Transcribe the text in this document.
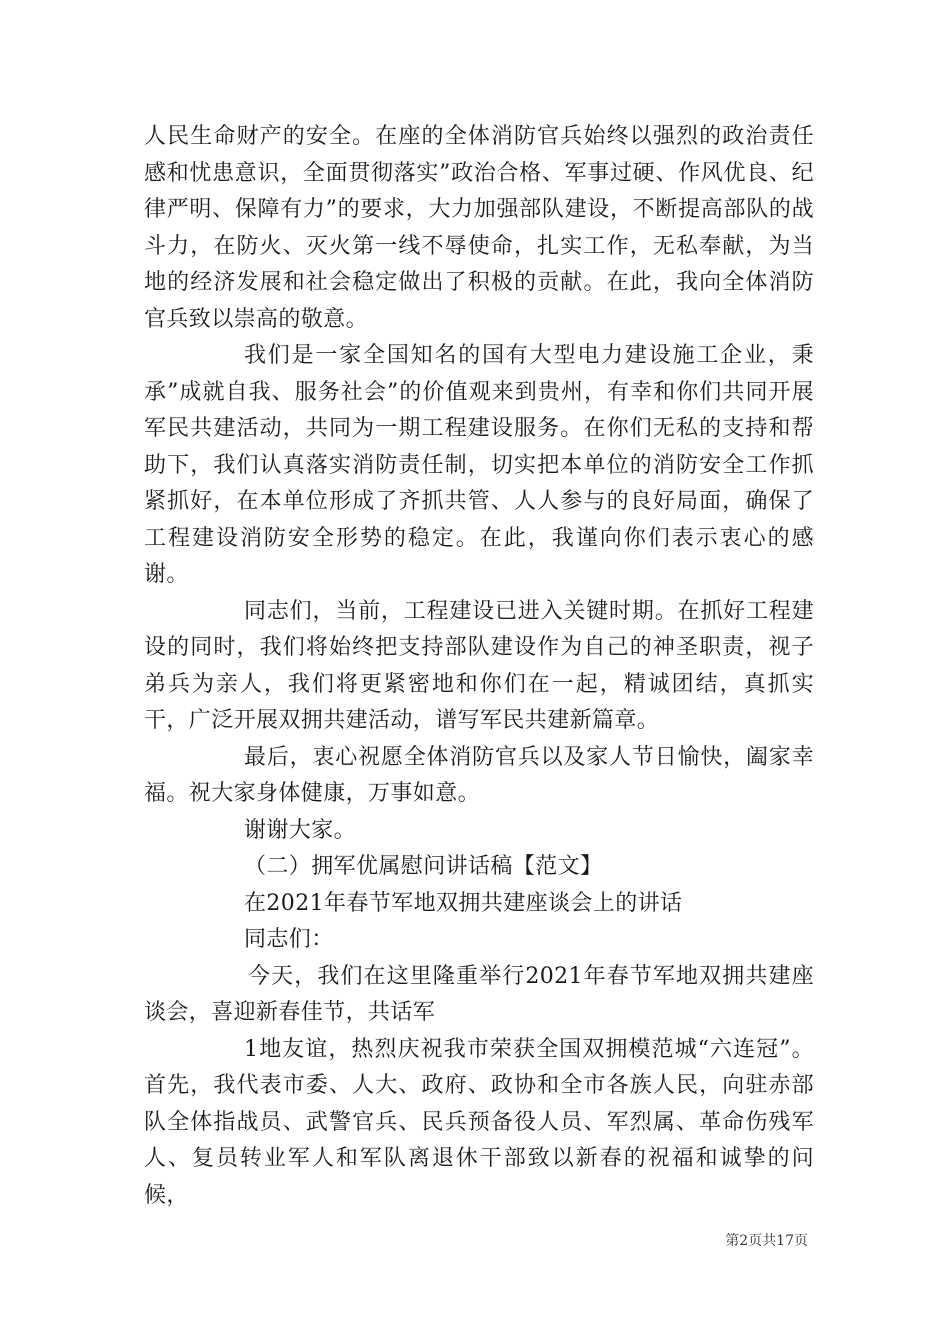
人民生命财产的安全。在座的全体消防官兵始终以强烈的政治责任感和忧患意识，全面贯彻落实”政治合格、军事过硬、作风优良、纪律严明、保障有力”的要求，大力加强部队建设，不断提高部队的战斗力，在防火、灭火第一线不辱使命，扎实工作，无私奉献，为当地的经济发展和社会稳定做出了积极的贡献。在此，我向全体消防官兵致以崇高的敬意。

我们是一家全国知名的国有大型电力建设施工企业，秉承”成就自我、服务社会”的价值观来到贵州，有幸和你们共同开展军民共建活动，共同为一期工程建设服务。在你们无私的支持和帮助下，我们认真落实消防责任制，切实把本单位的消防安全工作抓紧抓好，在本单位形成了齐抓共管、人人参与的良好局面，确保了工程建设消防安全形势的稳定。在此，我谨向你们表示衷心的感谢。

同志们，当前，工程建设已进入关键时期。在抓好工程建设的同时，我们将始终把支持部队建设作为自己的神圣职责，视子弟兵为亲人，我们将更紧密地和你们在一起，精诚团结，真抓实干，广泛开展双拥共建活动，谱写军民共建新篇章。

最后，衷心祝愿全体消防官兵以及家人节日愉快，阖家幸福。祝大家身体健康，万事如意。

谢谢大家。

（二）拥军优属慰问讲话稿【范文】

在2021年春节军地双拥共建座谈会上的讲话

同志们：

今天，我们在这里隆重举行2021年春节军地双拥共建座谈会，喜迎新春佳节，共话军

1地友谊，热烈庆祝我市荣获全国双拥模范城“六连冠”。首先，我代表市委、人大、政府、政协和全市各族人民，向驻赤部队全体指战员、武警官兵、民兵预备役人员、军烈属、革命伤残军人、复员转业军人和军队离退休干部致以新春的祝福和诚挚的问候，

第2页共17页
